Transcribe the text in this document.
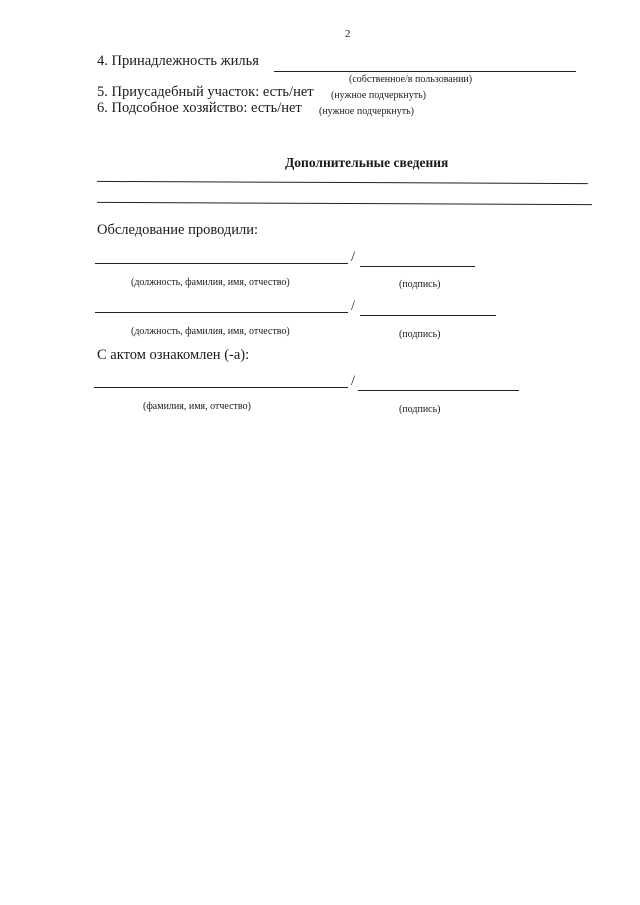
2
4. Принадлежность жилья
(собственное/в пользовании)
5. Приусадебный участок: есть/нет (нужное подчеркнуть)
6. Подсобное хозяйство: есть/нет (нужное подчеркнуть)
Дополнительные сведения
Обследование проводили:
/
(должность, фамилия, имя, отчество)	(подпись)
/
(должность, фамилия, имя, отчество)	(подпись)
С актом ознакомлен (-а):
/
(фамилия, имя, отчество)	(подпись)
